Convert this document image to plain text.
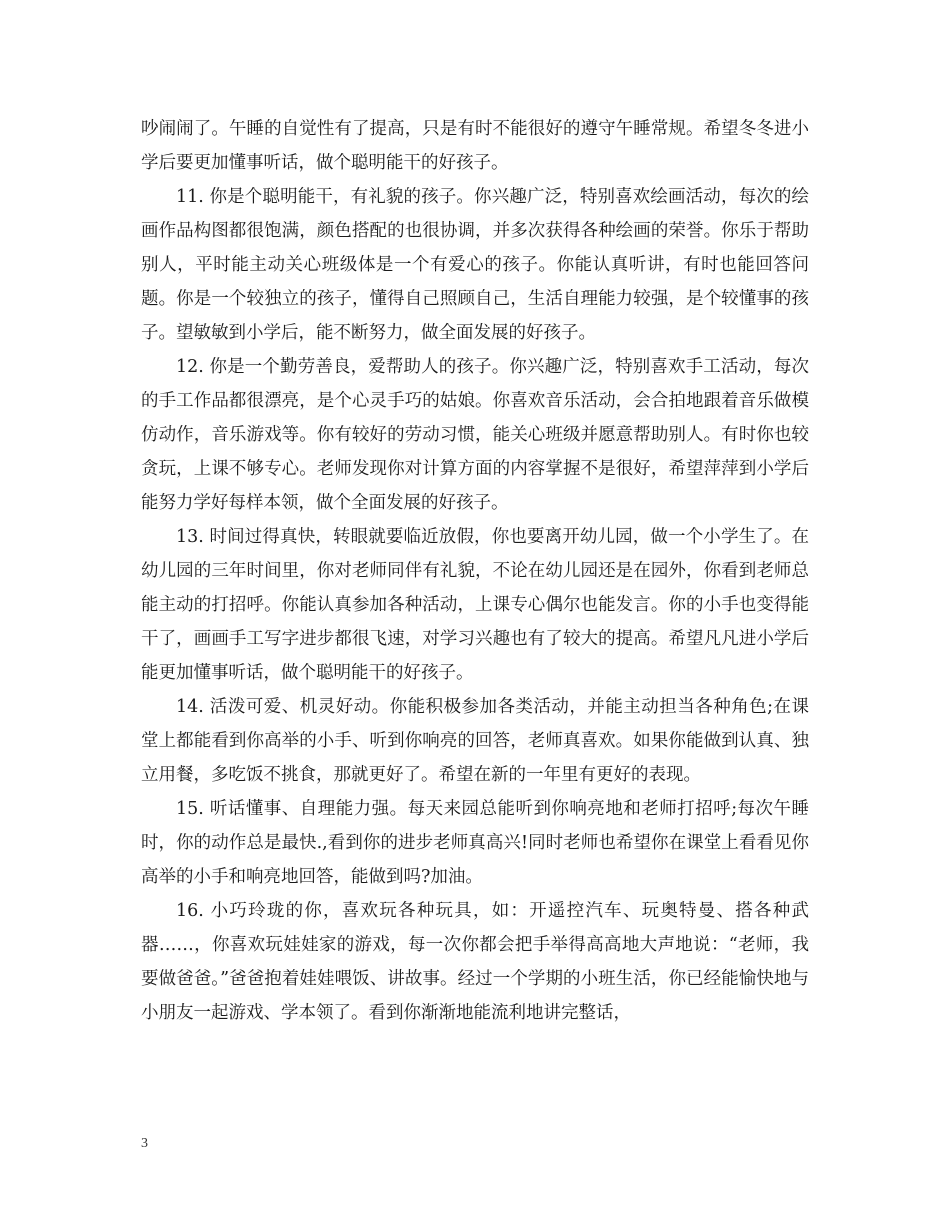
吵闹闹了。午睡的自觉性有了提高，只是有时不能很好的遵守午睡常规。希望冬冬进小学后要更加懂事听话，做个聪明能干的好孩子。

11. 你是个聪明能干，有礼貌的孩子。你兴趣广泛，特别喜欢绘画活动，每次的绘画作品构图都很饱满，颜色搭配的也很协调，并多次获得各种绘画的荣誉。你乐于帮助别人，平时能主动关心班级体是一个有爱心的孩子。你能认真听讲，有时也能回答问题。你是一个较独立的孩子，懂得自己照顾自己，生活自理能力较强，是个较懂事的孩子。望敏敏到小学后，能不断努力，做全面发展的好孩子。

12. 你是一个勤劳善良，爱帮助人的孩子。你兴趣广泛，特别喜欢手工活动，每次的手工作品都很漂亮，是个心灵手巧的姑娘。你喜欢音乐活动，会合拍地跟着音乐做模仿动作，音乐游戏等。你有较好的劳动习惯，能关心班级并愿意帮助别人。有时你也较贪玩，上课不够专心。老师发现你对计算方面的内容掌握不是很好，希望萍萍到小学后能努力学好每样本领，做个全面发展的好孩子。

13. 时间过得真快，转眼就要临近放假，你也要离开幼儿园，做一个小学生了。在幼儿园的三年时间里，你对老师同伴有礼貌，不论在幼儿园还是在园外，你看到老师总能主动的打招呼。你能认真参加各种活动，上课专心偶尔也能发言。你的小手也变得能干了，画画手工写字进步都很飞速，对学习兴趣也有了较大的提高。希望凡凡进小学后能更加懂事听话，做个聪明能干的好孩子。

14. 活泼可爱、机灵好动。你能积极参加各类活动，并能主动担当各种角色;在课堂上都能看到你高举的小手、听到你响亮的回答，老师真喜欢。如果你能做到认真、独立用餐，多吃饭不挑食，那就更好了。希望在新的一年里有更好的表现。

15. 听话懂事、自理能力强。每天来园总能听到你响亮地和老师打招呼;每次午睡时，你的动作总是最快.,看到你的进步老师真高兴!同时老师也希望你在课堂上看看见你高举的小手和响亮地回答，能做到吗?加油。

16. 小巧玲珑的你，喜欢玩各种玩具，如：开遥控汽车、玩奥特曼、搭各种武器……，你喜欢玩娃娃家的游戏，每一次你都会把手举得高高地大声地说：“老师，我要做爸爸。”爸爸抱着娃娃喂饭、讲故事。经过一个学期的小班生活，你已经能愉快地与小朋友一起游戏、学本领了。看到你渐渐地能流利地讲完整话，

3
